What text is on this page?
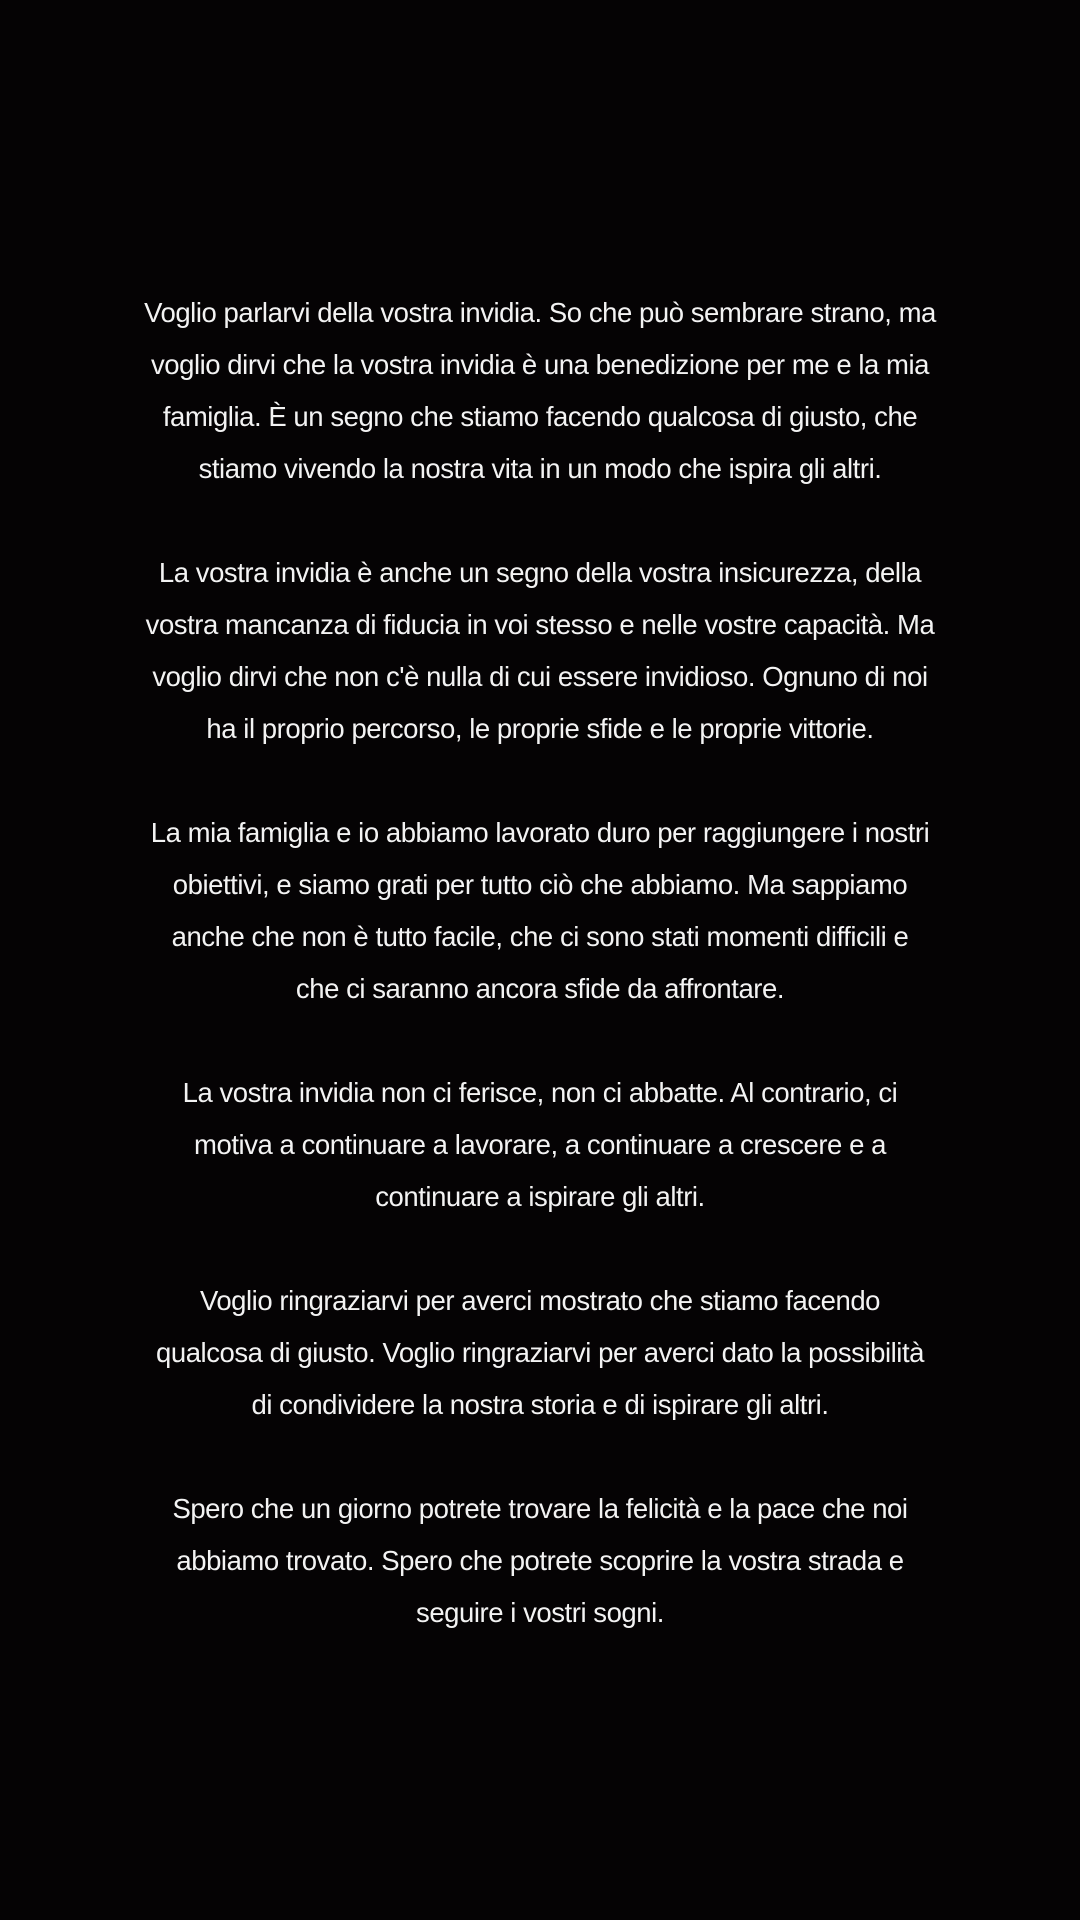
Voglio parlarvi della vostra invidia. So che può sembrare strano, ma
voglio dirvi che la vostra invidia è una benedizione per me e la mia
famiglia. È un segno che stiamo facendo qualcosa di giusto, che
stiamo vivendo la nostra vita in un modo che ispira gli altri.
La vostra invidia è anche un segno della vostra insicurezza, della
vostra mancanza di fiducia in voi stesso e nelle vostre capacità. Ma
voglio dirvi che non c'è nulla di cui essere invidioso. Ognuno di noi
ha il proprio percorso, le proprie sfide e le proprie vittorie.
La mia famiglia e io abbiamo lavorato duro per raggiungere i nostri
obiettivi, e siamo grati per tutto ciò che abbiamo. Ma sappiamo
anche che non è tutto facile, che ci sono stati momenti difficili e
che ci saranno ancora sfide da affrontare.
La vostra invidia non ci ferisce, non ci abbatte. Al contrario, ci
motiva a continuare a lavorare, a continuare a crescere e a
continuare a ispirare gli altri.
Voglio ringraziarvi per averci mostrato che stiamo facendo
qualcosa di giusto. Voglio ringraziarvi per averci dato la possibilità
di condividere la nostra storia e di ispirare gli altri.
Spero che un giorno potrete trovare la felicità e la pace che noi
abbiamo trovato. Spero che potrete scoprire la vostra strada e
seguire i vostri sogni.
